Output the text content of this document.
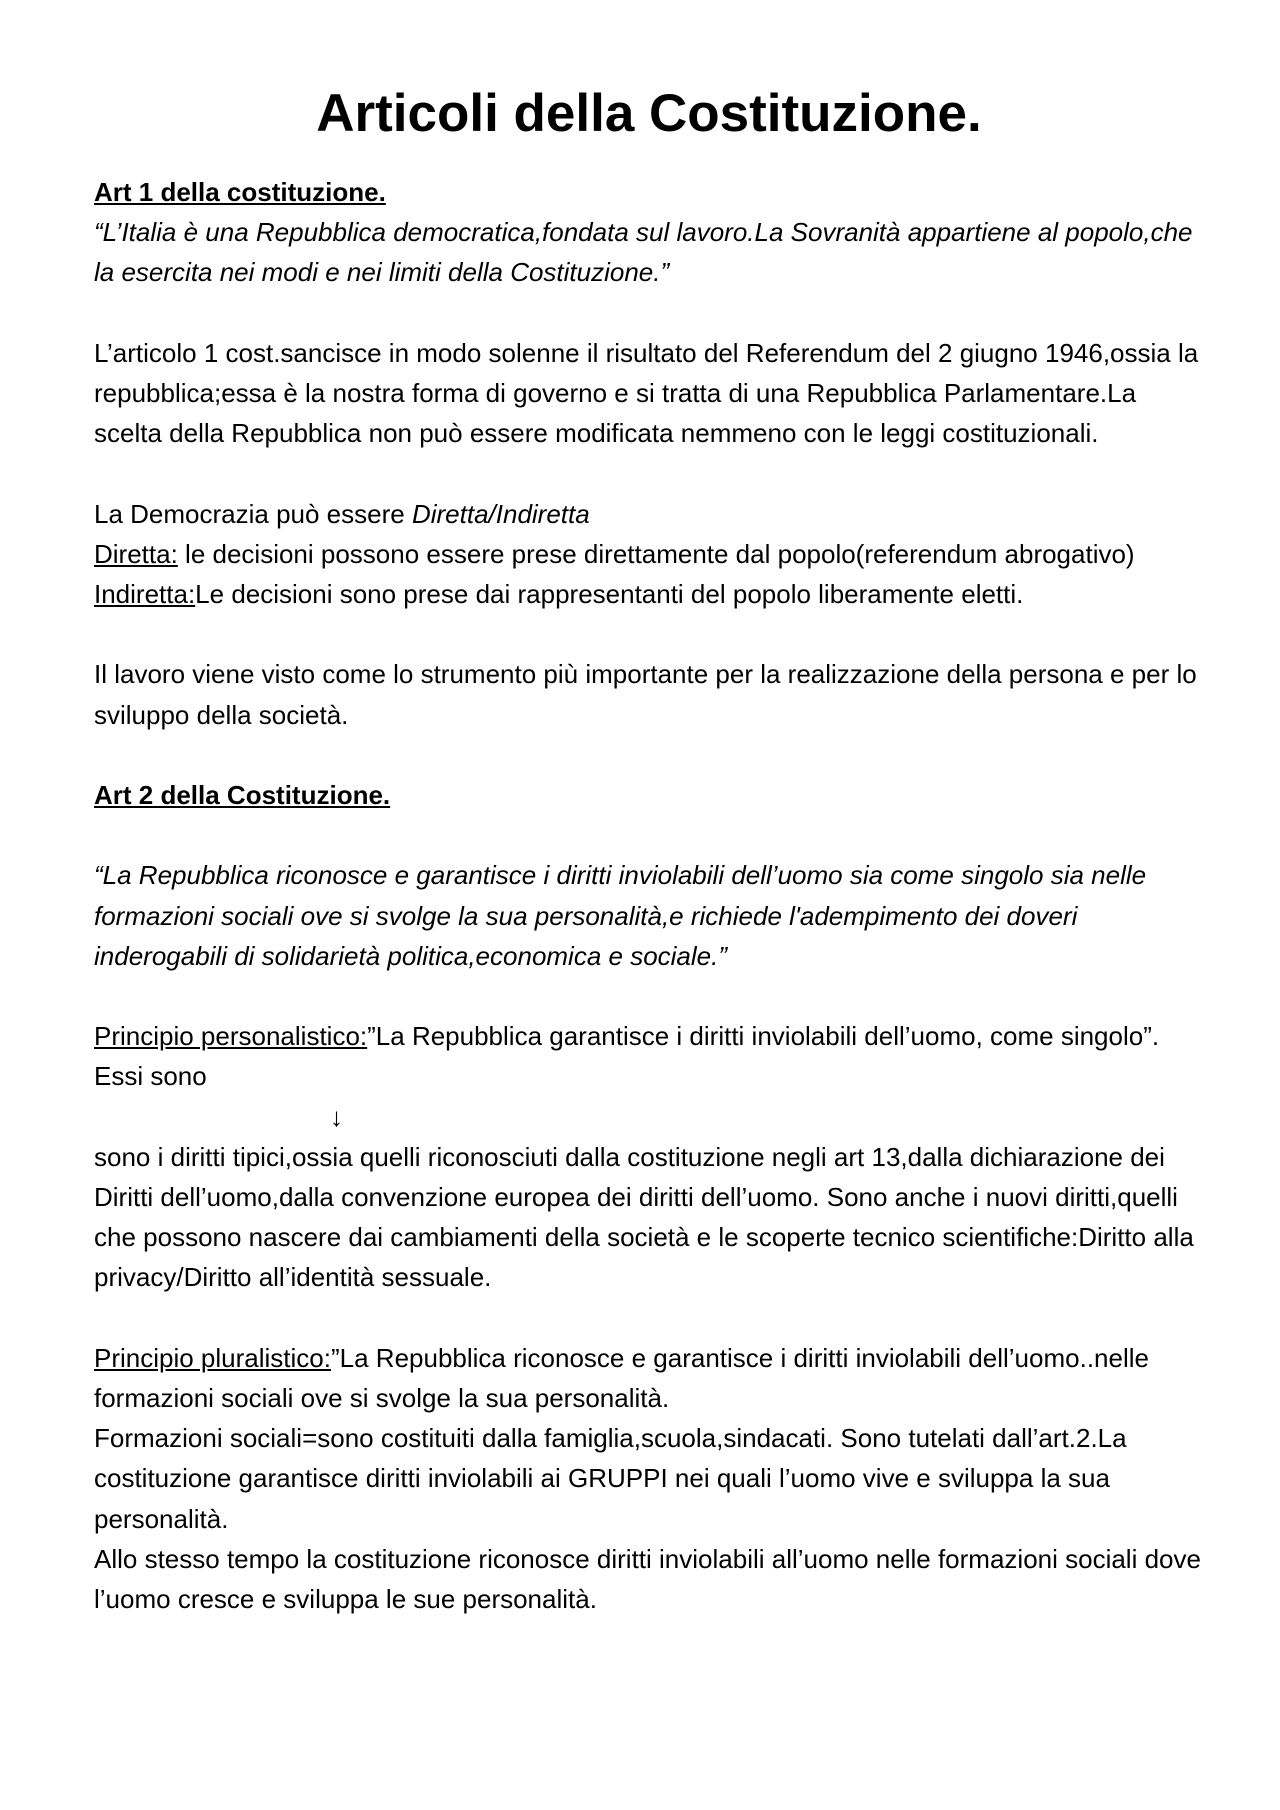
Articoli della Costituzione.

Art 1 della costituzione.

“L’Italia è una Repubblica democratica,fondata sul lavoro.La Sovranità appartiene al popolo,che la esercita nei modi e nei limiti della Costituzione.”

L’articolo 1 cost.sancisce in modo solenne il risultato del Referendum del 2 giugno 1946,ossia la repubblica;essa è la nostra forma di governo e si tratta di una Repubblica Parlamentare.La scelta della Repubblica non può essere modificata nemmeno con le leggi costituzionali.

La Democrazia può essere Diretta/Indiretta

Diretta: le decisioni possono essere prese direttamente dal popolo(referendum abrogativo)

Indiretta:Le decisioni sono prese dai rappresentanti del popolo liberamente eletti.

Il lavoro viene visto come lo strumento più importante per la realizzazione della persona e per lo sviluppo della società.

Art 2 della Costituzione.

“La Repubblica riconosce e garantisce i diritti inviolabili dell’uomo sia come singolo sia nelle formazioni sociali ove si svolge la sua personalità,e richiede l'adempimento dei doveri inderogabili di solidarietà politica,economica e sociale.”

Principio personalistico:”La Repubblica garantisce i diritti inviolabili dell’uomo, come singolo”. Essi sono

↓

sono i diritti tipici,ossia quelli riconosciuti dalla costituzione negli art 13,dalla dichiarazione dei Diritti dell’uomo,dalla convenzione europea dei diritti dell’uomo. Sono anche i nuovi diritti,quelli che possono nascere dai cambiamenti della società e le scoperte tecnico scientifiche:Diritto alla privacy/Diritto all’identità sessuale.

Principio pluralistico:”La Repubblica riconosce e garantisce i diritti inviolabili dell’uomo..nelle formazioni sociali ove si svolge la sua personalità.

Formazioni sociali=sono costituiti dalla famiglia,scuola,sindacati. Sono tutelati dall’art.2.La costituzione garantisce diritti inviolabili ai GRUPPI nei quali l’uomo vive e sviluppa la sua personalità.

Allo stesso tempo la costituzione riconosce diritti inviolabili all’uomo nelle formazioni sociali dove l’uomo cresce e sviluppa le sue personalità.
